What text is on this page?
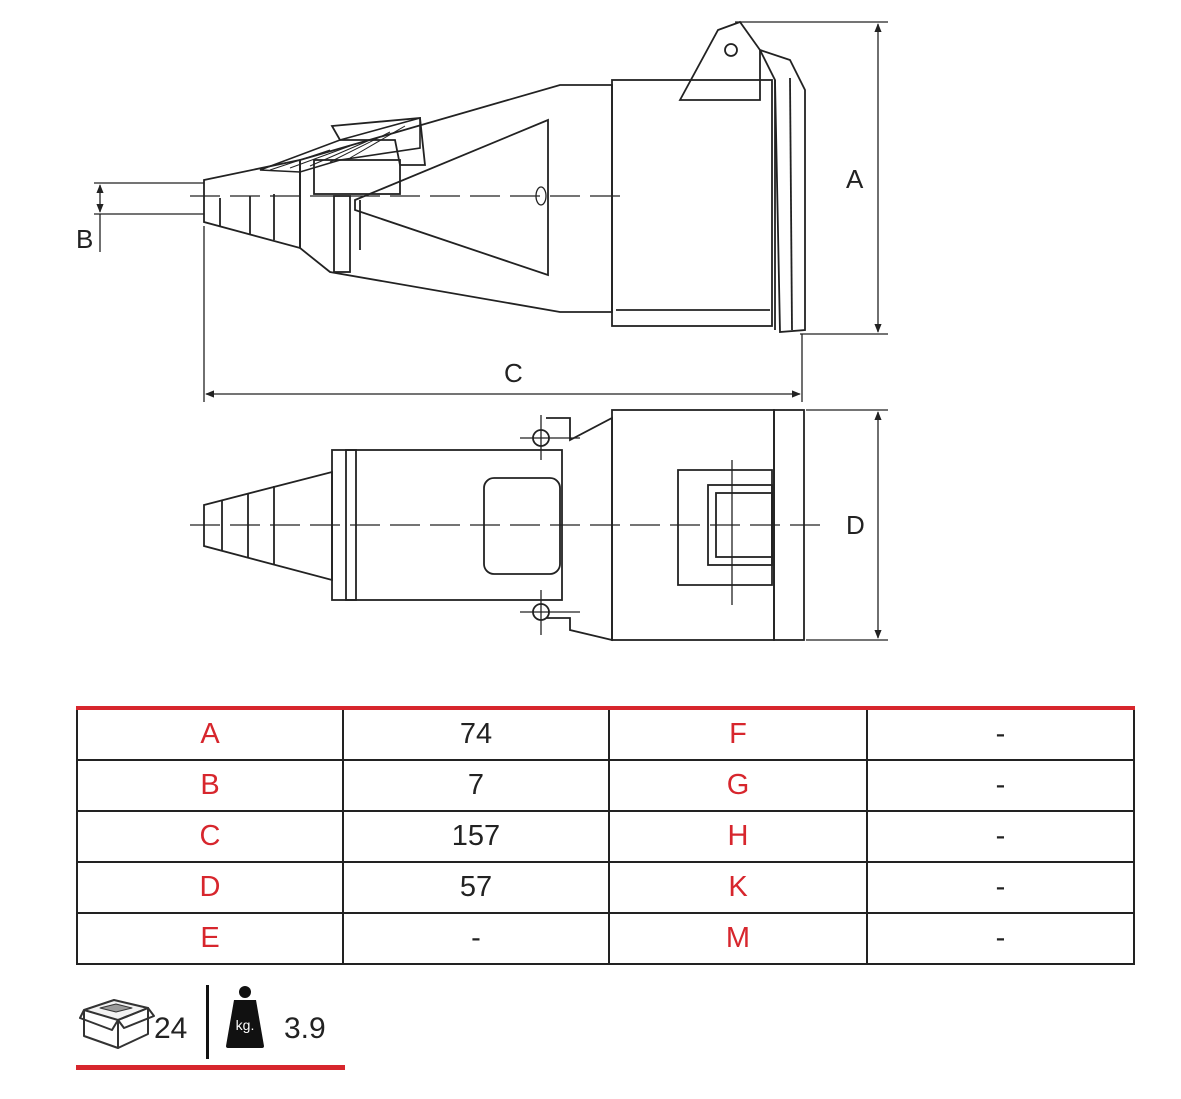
A
B
C
D
A	74	F	-
B	7	G	-
C	157	H	-
D	57	K	-
E	-	M	-
24	kg. 3.9
